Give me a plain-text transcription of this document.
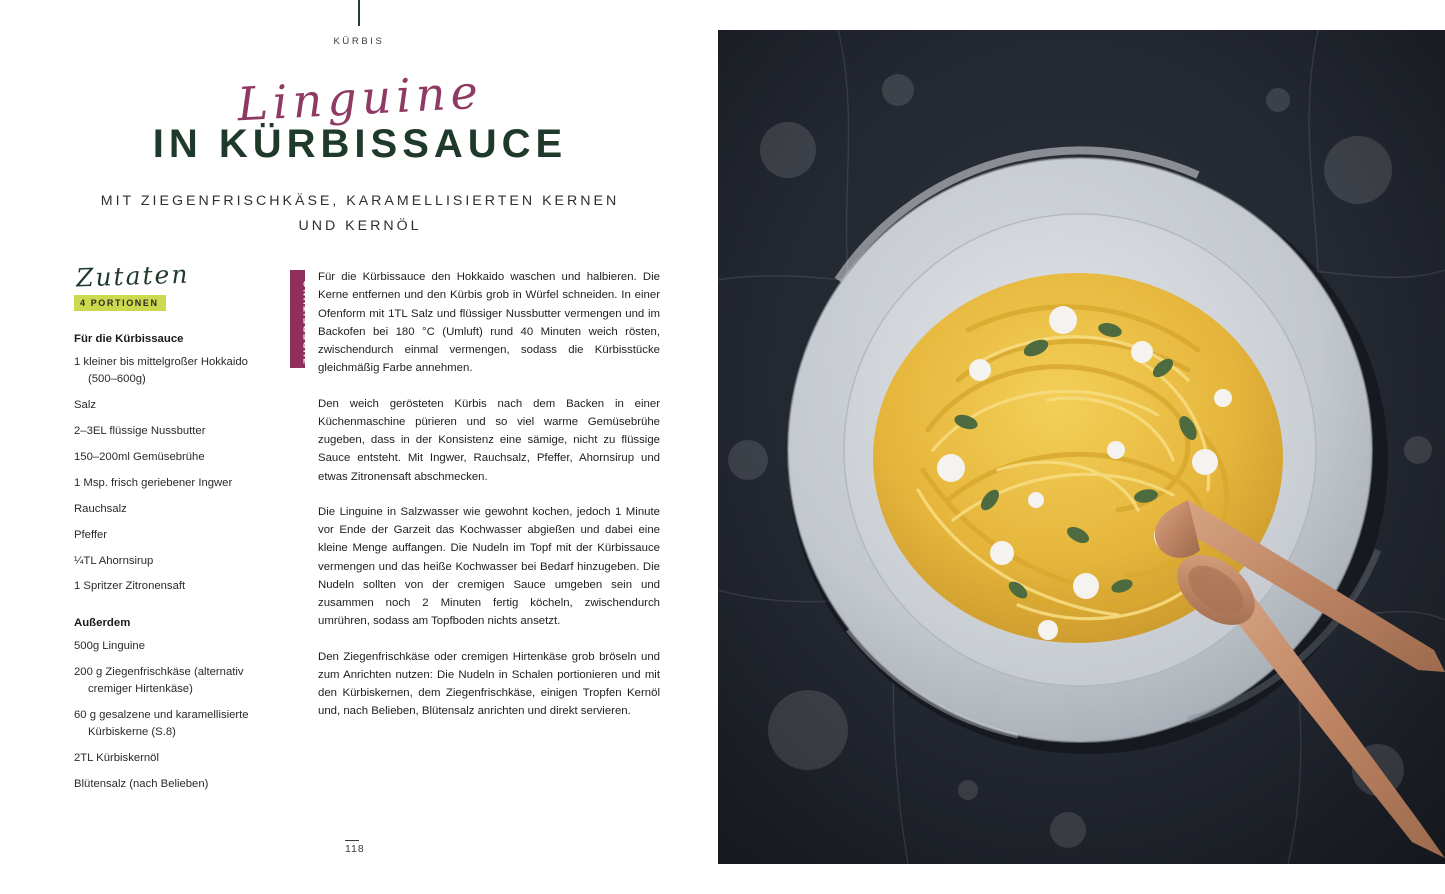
KÜRBIS
Linguine
IN KÜRBISSAUCE
MIT ZIEGENFRISCHKÄSE, KARAMELLISIERTEN KERNEN
UND KERNÖL
Zutaten
4 PORTIONEN
Für die Kürbissauce
1 kleiner bis mittelgroßer Hokkaido
(500–600g)
Salz
2–3EL flüssige Nussbutter
150–200ml Gemüsebrühe
1 Msp. frisch geriebener Ingwer
Rauchsalz
Pfeffer
¼TL Ahornsirup
1 Spritzer Zitronensaft
Außerdem
500g Linguine
200 g Ziegenfrischkäse (alternativ
cremiger Hirtenkäse)
60 g gesalzene und karamellisierte
Kürbiskerne (S.8)
2TL Kürbiskernöl
Blütensalz (nach Belieben)
ZUBEREITUNG

Für die Kürbissauce den Hokkaido waschen und halbieren. Die Kerne entfernen und den Kürbis grob in Würfel schneiden. In einer Ofenform mit 1TL Salz und flüssiger Nussbutter vermengen und im Backofen bei 180 °C (Umluft) rund 40 Minuten weich rösten, zwischendurch einmal vermengen, sodass die Kürbisstücke gleichmäßig Farbe annehmen.

Den weich gerösteten Kürbis nach dem Backen in einer Küchenmaschine pürieren und so viel warme Gemüsebrühe zugeben, dass in der Konsistenz eine sämige, nicht zu flüssige Sauce entsteht. Mit Ingwer, Rauchsalz, Pfeffer, Ahornsirup und etwas Zitronensaft abschmecken.

Die Linguine in Salzwasser wie gewohnt kochen, jedoch 1 Minute vor Ende der Garzeit das Kochwasser abgießen und dabei eine kleine Menge auffangen. Die Nudeln im Topf mit der Kürbissauce vermengen und das heiße Kochwasser bei Bedarf hinzugeben. Die Nudeln sollten von der cremigen Sauce umgeben sein und zusammen noch 2 Minuten fertig köcheln, zwischendurch umrühren, sodass am Topfboden nichts ansetzt.

Den Ziegenfrischkäse oder cremigen Hirtenkäse grob bröseln und zum Anrichten nutzen: Die Nudeln in Schalen portionieren und mit den Kürbiskernen, dem Ziegenfrischkäse, einigen Tropfen Kernöl und, nach Belieben, Blütensalz anrichten und direkt servieren.

118
